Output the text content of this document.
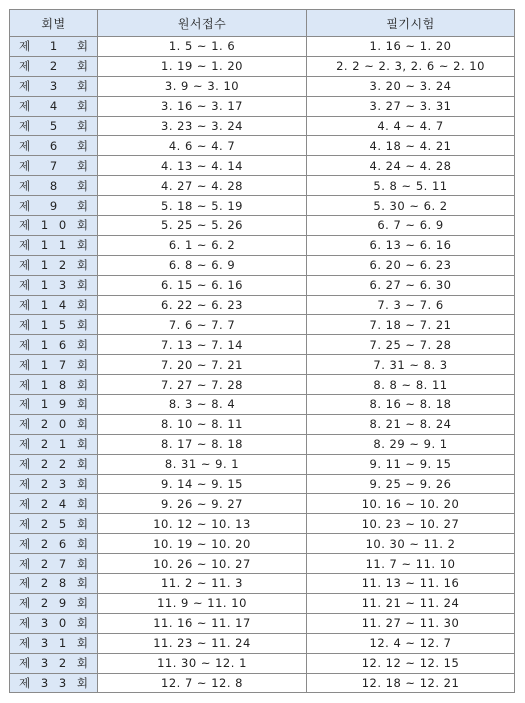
회별	원서접수	필기시험

제 1 회	1. 5 ~ 1. 6	1. 16 ~ 1. 20

제 2 회	1. 19 ~ 1. 20	2. 2 ~ 2. 3, 2. 6 ~ 2. 10

제 3 회	3. 9 ~ 3. 10	3. 20 ~ 3. 24

제 4 회	3. 16 ~ 3. 17	3. 27 ~ 3. 31

제 5 회	3. 23 ~ 3. 24	4. 4 ~ 4. 7

제 6 회	4. 6 ~ 4. 7	4. 18 ~ 4. 21

제 7 회	4. 13 ~ 4. 14	4. 24 ~ 4. 28

제 8 회	4. 27 ~ 4. 28	5. 8 ~ 5. 11

제 9 회	5. 18 ~ 5. 19	5. 30 ~ 6. 2

제 1 0 회	5. 25 ~ 5. 26	6. 7 ~ 6. 9

제 1 1 회	6. 1 ~ 6. 2	6. 13 ~ 6. 16

제 1 2 회	6. 8 ~ 6. 9	6. 20 ~ 6. 23

제 1 3 회	6. 15 ~ 6. 16	6. 27 ~ 6. 30

제 1 4 회	6. 22 ~ 6. 23	7. 3 ~ 7. 6

제 1 5 회	7. 6 ~ 7. 7	7. 18 ~ 7. 21

제 1 6 회	7. 13 ~ 7. 14	7. 25 ~ 7. 28

제 1 7 회	7. 20 ~ 7. 21	7. 31 ~ 8. 3

제 1 8 회	7. 27 ~ 7. 28	8. 8 ~ 8. 11

제 1 9 회	8. 3 ~ 8. 4	8. 16 ~ 8. 18

제 2 0 회	8. 10 ~ 8. 11	8. 21 ~ 8. 24

제 2 1 회	8. 17 ~ 8. 18	8. 29 ~ 9. 1

제 2 2 회	8. 31 ~ 9. 1	9. 11 ~ 9. 15

제 2 3 회	9. 14 ~ 9. 15	9. 25 ~ 9. 26

제 2 4 회	9. 26 ~ 9. 27	10. 16 ~ 10. 20

제 2 5 회	10. 12 ~ 10. 13	10. 23 ~ 10. 27

제 2 6 회	10. 19 ~ 10. 20	10. 30 ~ 11. 2

제 2 7 회	10. 26 ~ 10. 27	11. 7 ~ 11. 10

제 2 8 회	11. 2 ~ 11. 3	11. 13 ~ 11. 16

제 2 9 회	11. 9 ~ 11. 10	11. 21 ~ 11. 24

제 3 0 회	11. 16 ~ 11. 17	11. 27 ~ 11. 30

제 3 1 회	11. 23 ~ 11. 24	12. 4 ~ 12. 7

제 3 2 회	11. 30 ~ 12. 1	12. 12 ~ 12. 15

제 3 3 회	12. 7 ~ 12. 8	12. 18 ~ 12. 21
